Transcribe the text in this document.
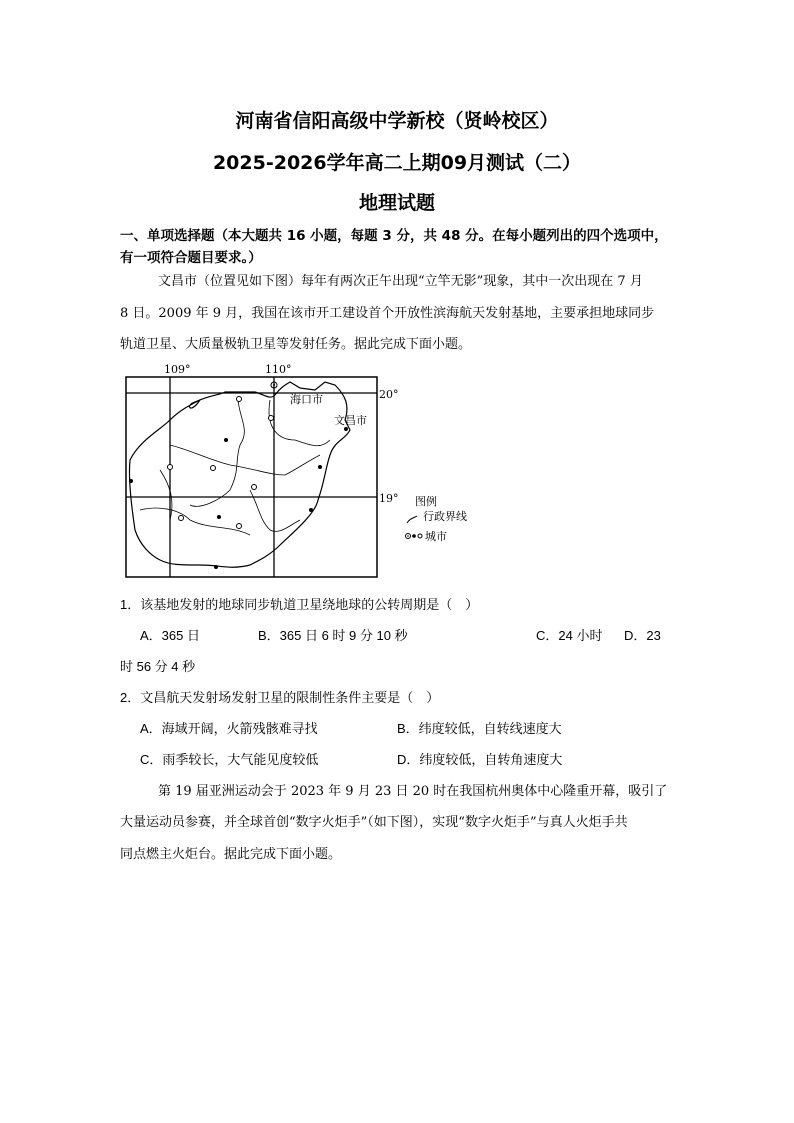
河南省信阳高级中学新校（贤岭校区）
2025-2026学年高二上期09月测试（二）
地理试题
一、单项选择题（本大题共 16 小题，每题 3 分，共 48 分。在每小题列出的四个选项中，
有一项符合题目要求。）
文昌市（位置见如下图）每年有两次正午出现“立竿无影”现象，其中一次出现在 7 月
8 日。2009 年 9 月，我国在该市开工建设首个开放性滨海航天发射基地，主要承担地球同步
轨道卫星、大质量极轨卫星等发射任务。据此完成下面小题。
109°	110°
20°
19°
海口市
文昌市
图例
行政界线
城市
1．该基地发射的地球同步轨道卫星绕地球的公转周期是（　）
A．365 日	B．365 日 6 时 9 分 10 秒	C．24 小时 D．23
时 56 分 4 秒
2．文昌航天发射场发射卫星的限制性条件主要是（　）
A．海域开阔，火箭残骸难寻找	B．纬度较低，自转线速度大
C．雨季较长，大气能见度较低	D．纬度较低，自转角速度大
第 19 届亚洲运动会于 2023 年 9 月 23 日 20 时在我国杭州奥体中心隆重开幕，吸引了
大量运动员参赛，并全球首创“数字火炬手”（如下图），实现“数字火炬手”与真人火炬手共
同点燃主火炬台。据此完成下面小题。
